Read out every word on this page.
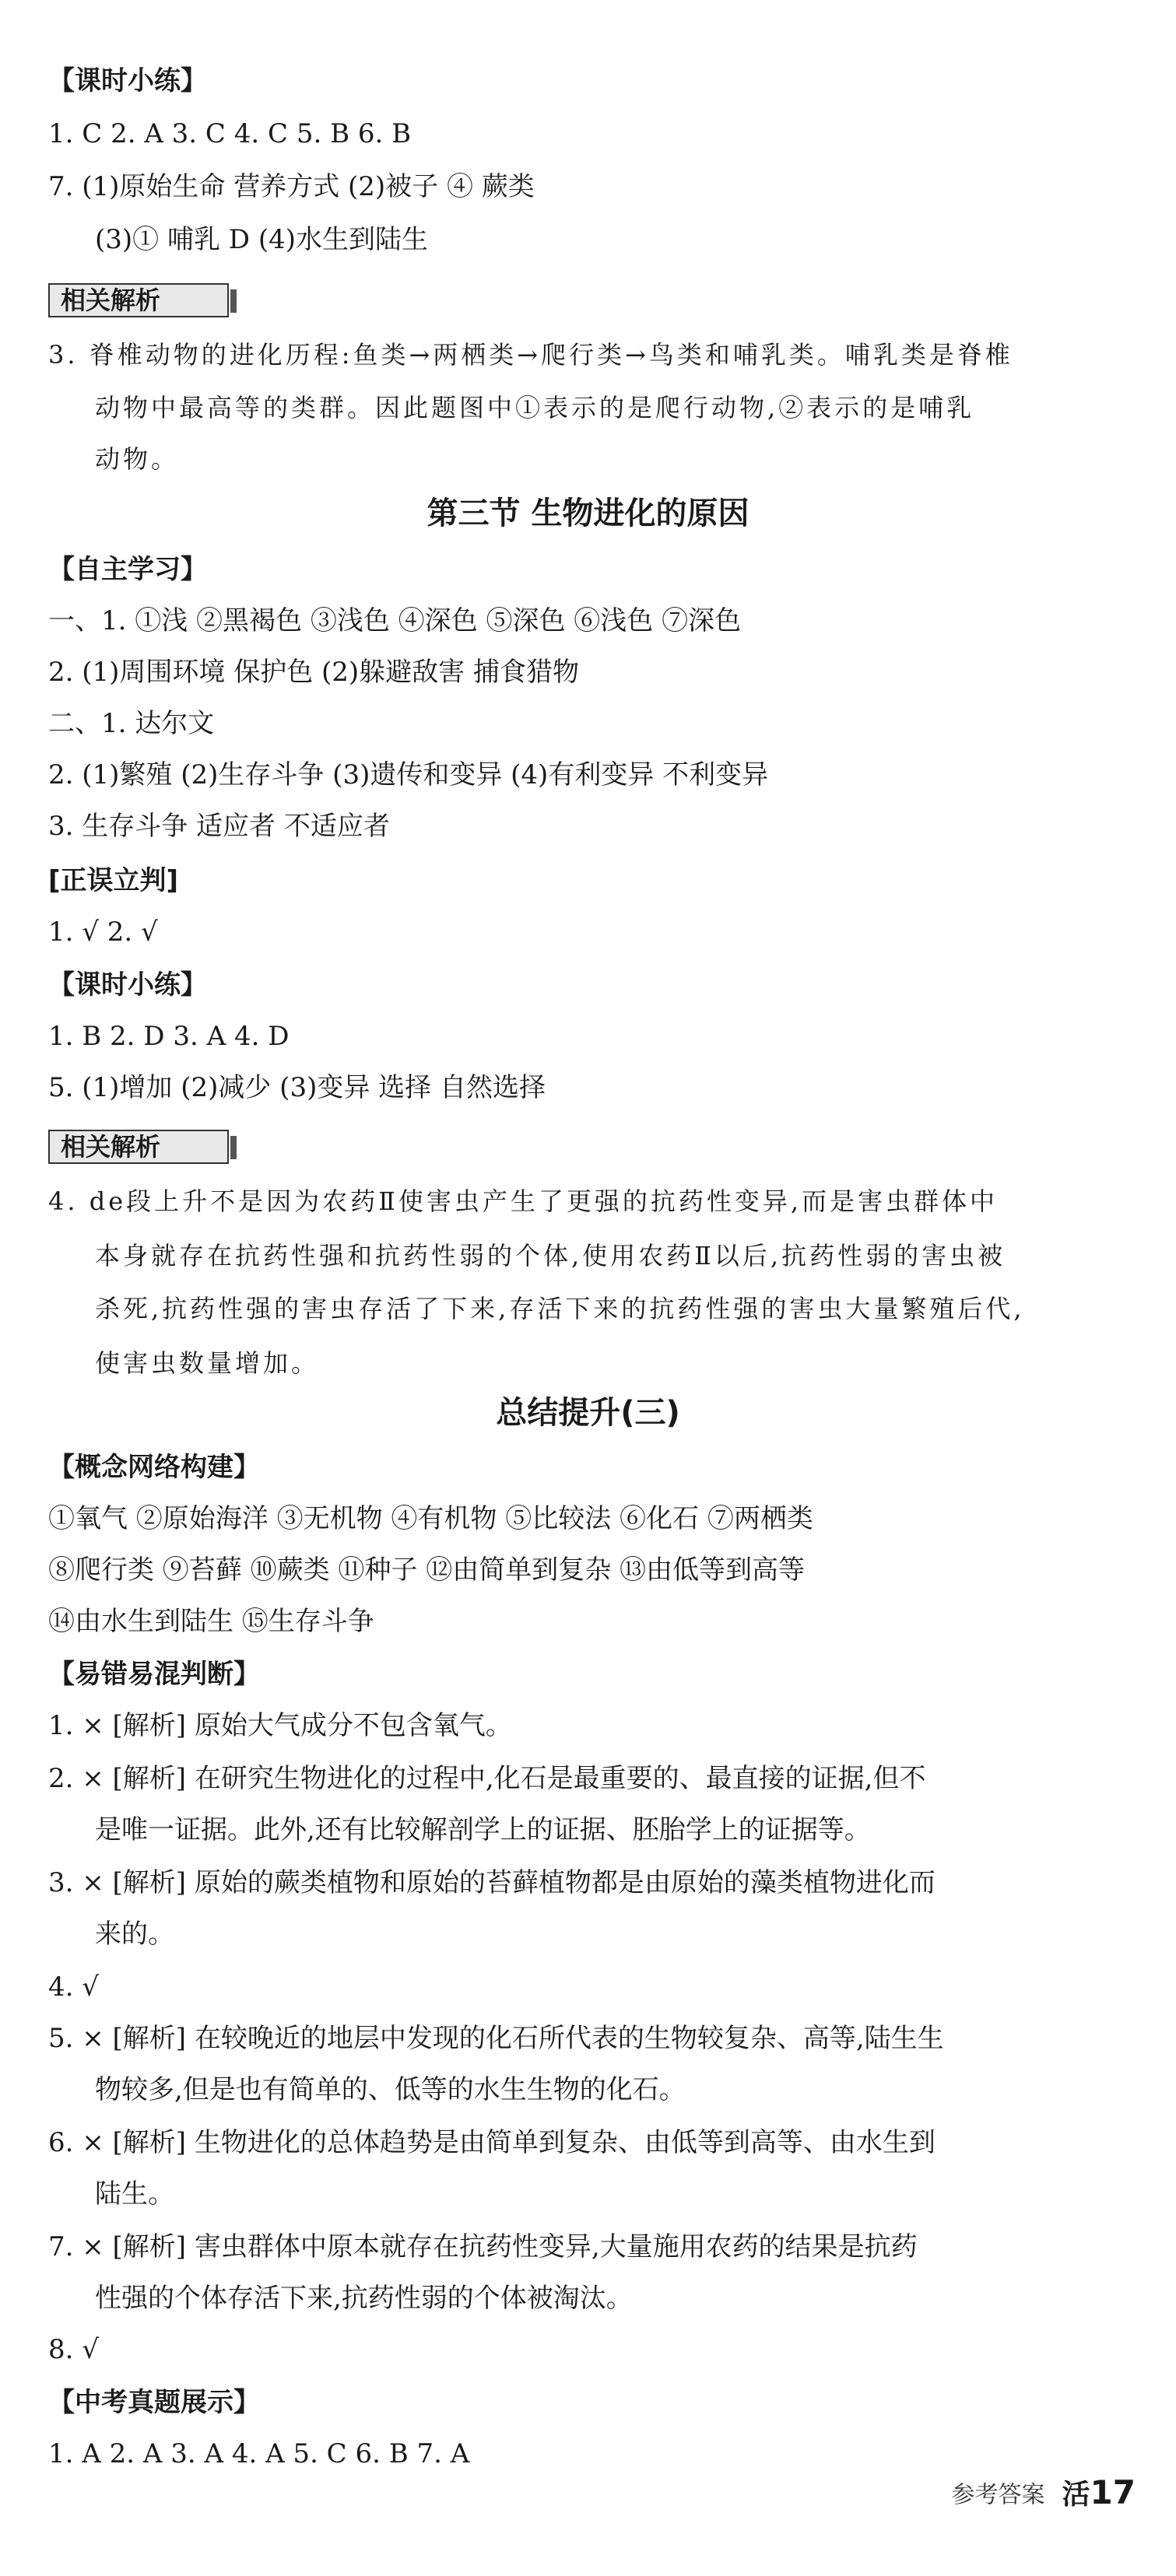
【课时小练】
1. C 2. A 3. C 4. C 5. B 6. B
7. (1)原始生命 营养方式 (2)被子 ④ 蕨类
(3)① 哺乳 D (4)水生到陆生
相关解析
3. 脊椎动物的进化历程:鱼类→两栖类→爬行类→鸟类和哺乳类。哺乳类是脊椎
动物中最高等的类群。因此题图中①表示的是爬行动物,②表示的是哺乳
动物。
第三节 生物进化的原因
【自主学习】
一、1. ①浅 ②黑褐色 ③浅色 ④深色 ⑤深色 ⑥浅色 ⑦深色
2. (1)周围环境 保护色 (2)躲避敌害 捕食猎物
二、1. 达尔文
2. (1)繁殖 (2)生存斗争 (3)遗传和变异 (4)有利变异 不利变异
3. 生存斗争 适应者 不适应者
[正误立判]
1. √ 2. √
【课时小练】
1. B 2. D 3. A 4. D
5. (1)增加 (2)减少 (3)变异 选择 自然选择
相关解析
4. de段上升不是因为农药Ⅱ使害虫产生了更强的抗药性变异,而是害虫群体中
本身就存在抗药性强和抗药性弱的个体,使用农药Ⅱ以后,抗药性弱的害虫被
杀死,抗药性强的害虫存活了下来,存活下来的抗药性强的害虫大量繁殖后代,
使害虫数量增加。
总结提升(三)
【概念网络构建】
①氧气 ②原始海洋 ③无机物 ④有机物 ⑤比较法 ⑥化石 ⑦两栖类
⑧爬行类 ⑨苔藓 ⑩蕨类 ⑪种子 ⑫由简单到复杂 ⑬由低等到高等
⑭由水生到陆生 ⑮生存斗争
【易错易混判断】
1. × [解析] 原始大气成分不包含氧气。
2. × [解析] 在研究生物进化的过程中,化石是最重要的、最直接的证据,但不
是唯一证据。此外,还有比较解剖学上的证据、胚胎学上的证据等。
3. × [解析] 原始的蕨类植物和原始的苔藓植物都是由原始的藻类植物进化而
来的。
4. √
5. × [解析] 在较晚近的地层中发现的化石所代表的生物较复杂、高等,陆生生
物较多,但是也有简单的、低等的水生生物的化石。
6. × [解析] 生物进化的总体趋势是由简单到复杂、由低等到高等、由水生到
陆生。
7. × [解析] 害虫群体中原本就存在抗药性变异,大量施用农药的结果是抗药
性强的个体存活下来,抗药性弱的个体被淘汰。
8. √
【中考真题展示】
1. A 2. A 3. A 4. A 5. C 6. B 7. A
参考答案 活17
